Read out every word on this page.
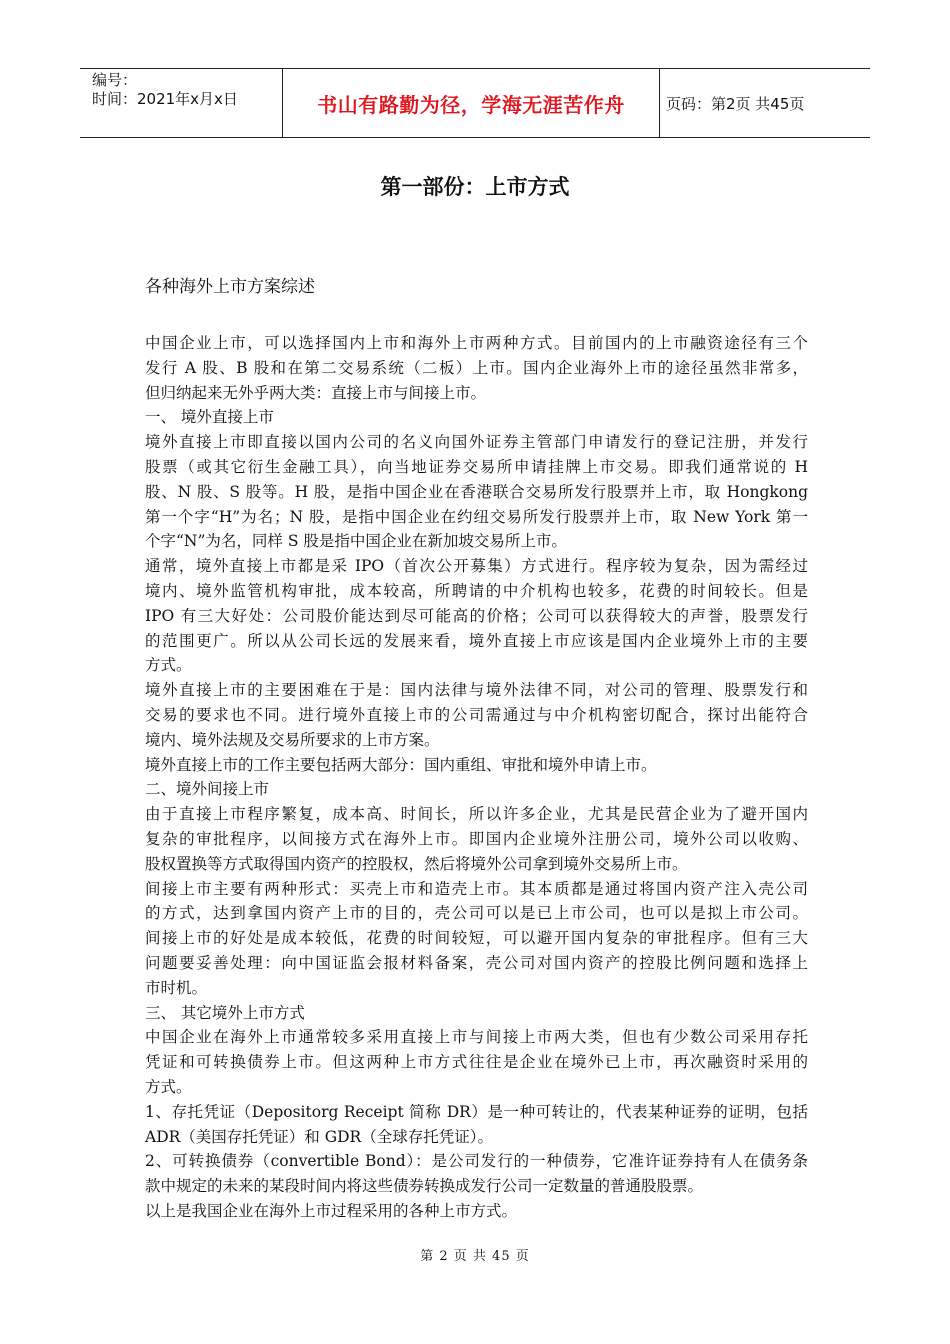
编号：
时间：2021年x月x日	书山有路勤为径，学海无涯苦作舟	页码：第2页 共45页
第一部份：上市方式
各种海外上市方案综述
中国企业上市，可以选择国内上市和海外上市两种方式。目前国内的上市融资途径有三个
发行 A 股、B 股和在第二交易系统（二板）上市。国内企业海外上市的途径虽然非常多，
但归纳起来无外乎两大类：直接上市与间接上市。
一、 境外直接上市
境外直接上市即直接以国内公司的名义向国外证券主管部门申请发行的登记注册，并发行
股票（或其它衍生金融工具），向当地证券交易所申请挂牌上市交易。即我们通常说的 H
股、N 股、S 股等。H 股，是指中国企业在香港联合交易所发行股票并上市，取 Hongkong
第一个字“H”为名；N 股，是指中国企业在约纽交易所发行股票并上市，取 New York 第一
个字“N”为名，同样 S 股是指中国企业在新加坡交易所上市。
通常，境外直接上市都是采 IPO（首次公开募集）方式进行。程序较为复杂，因为需经过
境内、境外监管机构审批，成本较高，所聘请的中介机构也较多，花费的时间较长。但是
IPO 有三大好处：公司股价能达到尽可能高的价格；公司可以获得较大的声誉，股票发行
的范围更广。所以从公司长远的发展来看，境外直接上市应该是国内企业境外上市的主要
方式。
境外直接上市的主要困难在于是：国内法律与境外法律不同，对公司的管理、股票发行和
交易的要求也不同。进行境外直接上市的公司需通过与中介机构密切配合，探讨出能符合
境内、境外法规及交易所要求的上市方案。
境外直接上市的工作主要包括两大部分：国内重组、审批和境外申请上市。
二、境外间接上市
由于直接上市程序繁复，成本高、时间长，所以许多企业，尤其是民营企业为了避开国内
复杂的审批程序，以间接方式在海外上市。即国内企业境外注册公司，境外公司以收购、
股权置换等方式取得国内资产的控股权，然后将境外公司拿到境外交易所上市。
间接上市主要有两种形式：买壳上市和造壳上市。其本质都是通过将国内资产注入壳公司
的方式，达到拿国内资产上市的目的，壳公司可以是已上市公司，也可以是拟上市公司。
间接上市的好处是成本较低，花费的时间较短，可以避开国内复杂的审批程序。但有三大
问题要妥善处理：向中国证监会报材料备案，壳公司对国内资产的控股比例问题和选择上
市时机。
三、 其它境外上市方式
中国企业在海外上市通常较多采用直接上市与间接上市两大类，但也有少数公司采用存托
凭证和可转换债券上市。但这两种上市方式往往是企业在境外已上市，再次融资时采用的
方式。
1、存托凭证（Depositorg Receipt 简称 DR）是一种可转让的，代表某种证券的证明，包括
ADR（美国存托凭证）和 GDR（全球存托凭证）。
2、可转换债券（convertible Bond）：是公司发行的一种债券，它准许证券持有人在债务条
款中规定的未来的某段时间内将这些债券转换成发行公司一定数量的普通股股票。
以上是我国企业在海外上市过程采用的各种上市方式。
第 2 页 共 45 页
